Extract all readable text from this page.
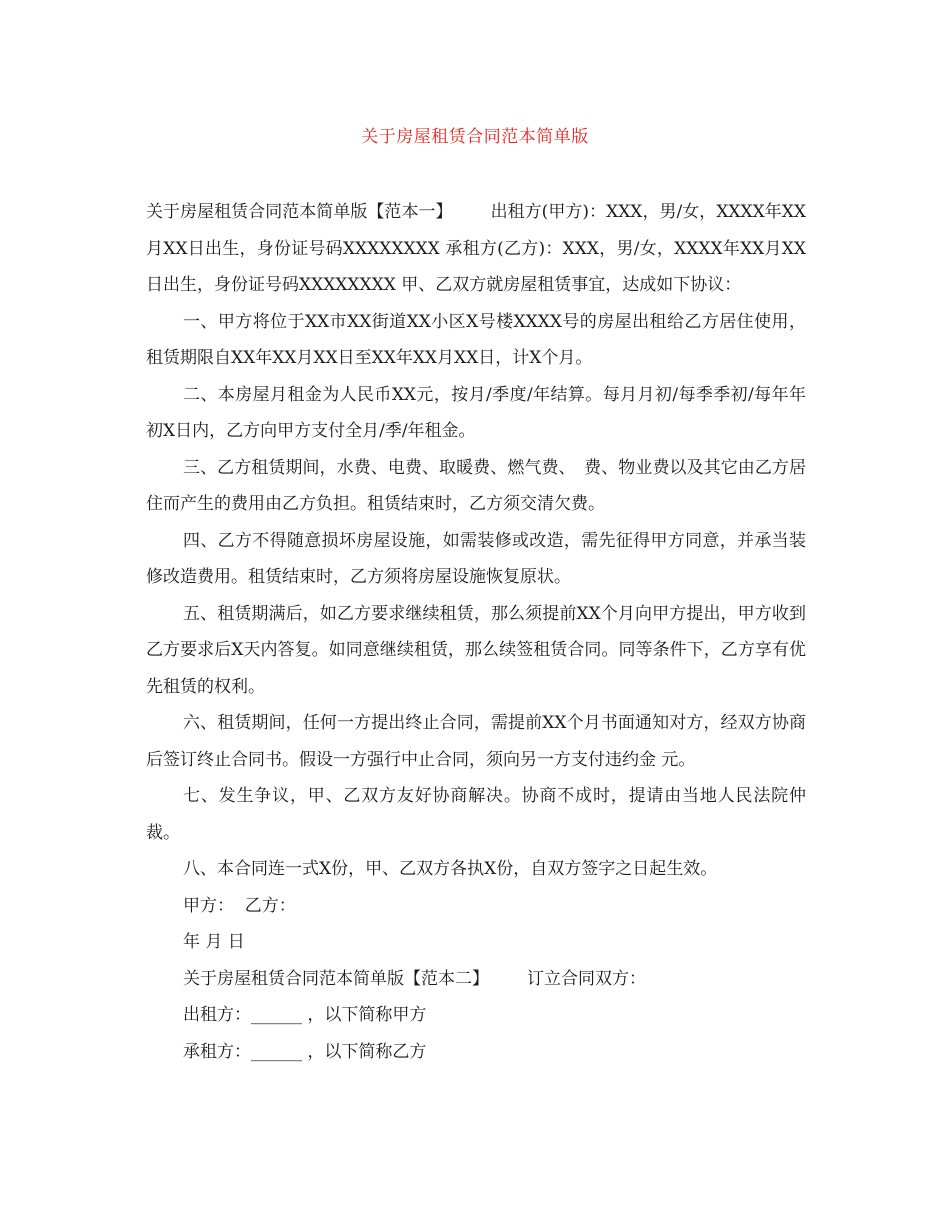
关于房屋租赁合同范本简单版

关于房屋租赁合同范本简单版【范本一】 出租方(甲方)：XXX，男/女，XXXX年XX月XX日出生，身份证号码XXXXXXXX 承租方(乙方)：XXX，男/女，XXXX年XX月XX日出生，身份证号码XXXXXXXX 甲、乙双方就房屋租赁事宜，达成如下协议：

一、甲方将位于XX市XX街道XX小区X号楼XXXX号的房屋出租给乙方居住使用，租赁期限自XX年XX月XX日至XX年XX月XX日，计X个月。

二、本房屋月租金为人民币XX元，按月/季度/年结算。每月月初/每季季初/每年年初X日内，乙方向甲方支付全月/季/年租金。

三、乙方租赁期间，水费、电费、取暖费、燃气费、　费、物业费以及其它由乙方居住而产生的费用由乙方负担。租赁结束时，乙方须交清欠费。

四、乙方不得随意损坏房屋设施，如需装修或改造，需先征得甲方同意，并承当装修改造费用。租赁结束时，乙方须将房屋设施恢复原状。

五、租赁期满后，如乙方要求继续租赁，那么须提前XX个月向甲方提出，甲方收到乙方要求后X天内答复。如同意继续租赁，那么续签租赁合同。同等条件下，乙方享有优先租赁的权利。

六、租赁期间，任何一方提出终止合同，需提前XX个月书面通知对方，经双方协商后签订终止合同书。假设一方强行中止合同，须向另一方支付违约金 元。

七、发生争议，甲、乙双方友好协商解决。协商不成时，提请由当地人民法院仲裁。

八、本合同连一式X份，甲、乙双方各执X份，自双方签字之日起生效。

甲方：  乙方：

年 月 日

关于房屋租赁合同范本简单版【范本二】 订立合同双方：

出租方：______ ，以下简称甲方

承租方：______ ，以下简称乙方
